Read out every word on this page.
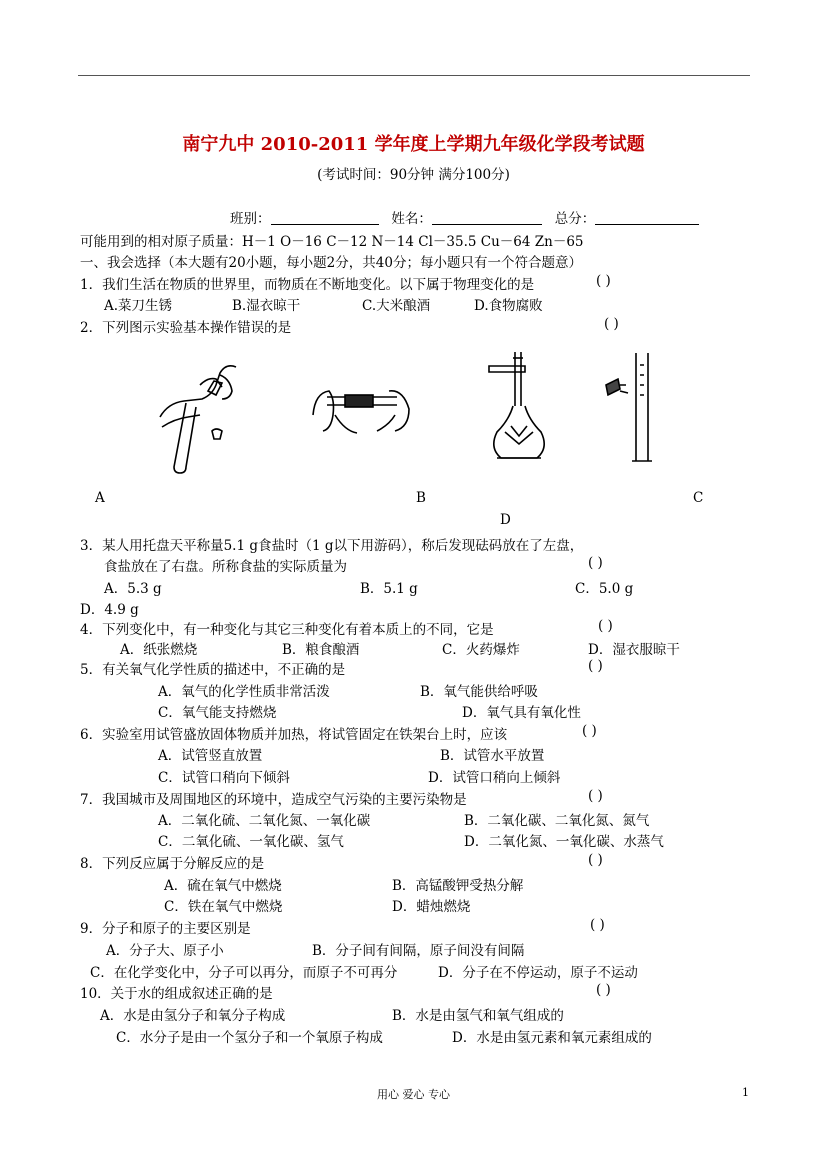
南宁九中 2010-2011 学年度上学期九年级化学段考试题
(考试时间：90分钟 满分100分)
班别：	姓名：	总分：
可能用到的相对原子质量：H－1 O－16 C－12 N－14 Cl－35.5 Cu－64 Zn－65
一、我会选择（本大题有20小题，每小题2分，共40分；每小题只有一个符合题意）
1．我们生活在物质的世界里，而物质在不断地变化。以下属于物理变化的是	( )
A.菜刀生锈	B.湿衣晾干	C.大米酿酒	D.食物腐败
2．下列图示实验基本操作错误的是	( )
A	B	C
D
3．某人用托盘天平称量5.1 g食盐时（1 g以下用游码），称后发现砝码放在了左盘，
食盐放在了右盘。所称食盐的实际质量为	( )
A．5.3 g	B．5.1 g	C．5.0 g
D．4.9 g
4．下列变化中，有一种变化与其它三种变化有着本质上的不同，它是	( )
A．纸张燃烧	B．粮食酿酒	C．火药爆炸	D．湿衣服晾干
5．有关氧气化学性质的描述中，不正确的是	( )
A．氧气的化学性质非常活泼	B．氧气能供给呼吸
C．氧气能支持燃烧	D．氧气具有氧化性
6．实验室用试管盛放固体物质并加热，将试管固定在铁架台上时，应该	( )
A．试管竖直放置	B．试管水平放置
C．试管口稍向下倾斜	D．试管口稍向上倾斜
7．我国城市及周围地区的环境中，造成空气污染的主要污染物是	( )
A．二氧化硫、二氧化氮、一氧化碳	B．二氧化碳、二氧化氮、氮气
C．二氧化硫、一氧化碳、氢气	D．二氧化氮、一氧化碳、水蒸气
8．下列反应属于分解反应的是	( )
A．硫在氧气中燃烧	B．高锰酸钾受热分解
C．铁在氧气中燃烧	D．蜡烛燃烧
9．分子和原子的主要区别是	( )
A．分子大、原子小	B．分子间有间隔，原子间没有间隔
C．在化学变化中，分子可以再分，而原子不可再分	D．分子在不停运动，原子不运动
10．关于水的组成叙述正确的是	( )
A．水是由氢分子和氧分子构成	B．水是由氢气和氧气组成的
C．水分子是由一个氢分子和一个氧原子构成	D．水是由氢元素和氧元素组成的
用心 爱心 专心	1
